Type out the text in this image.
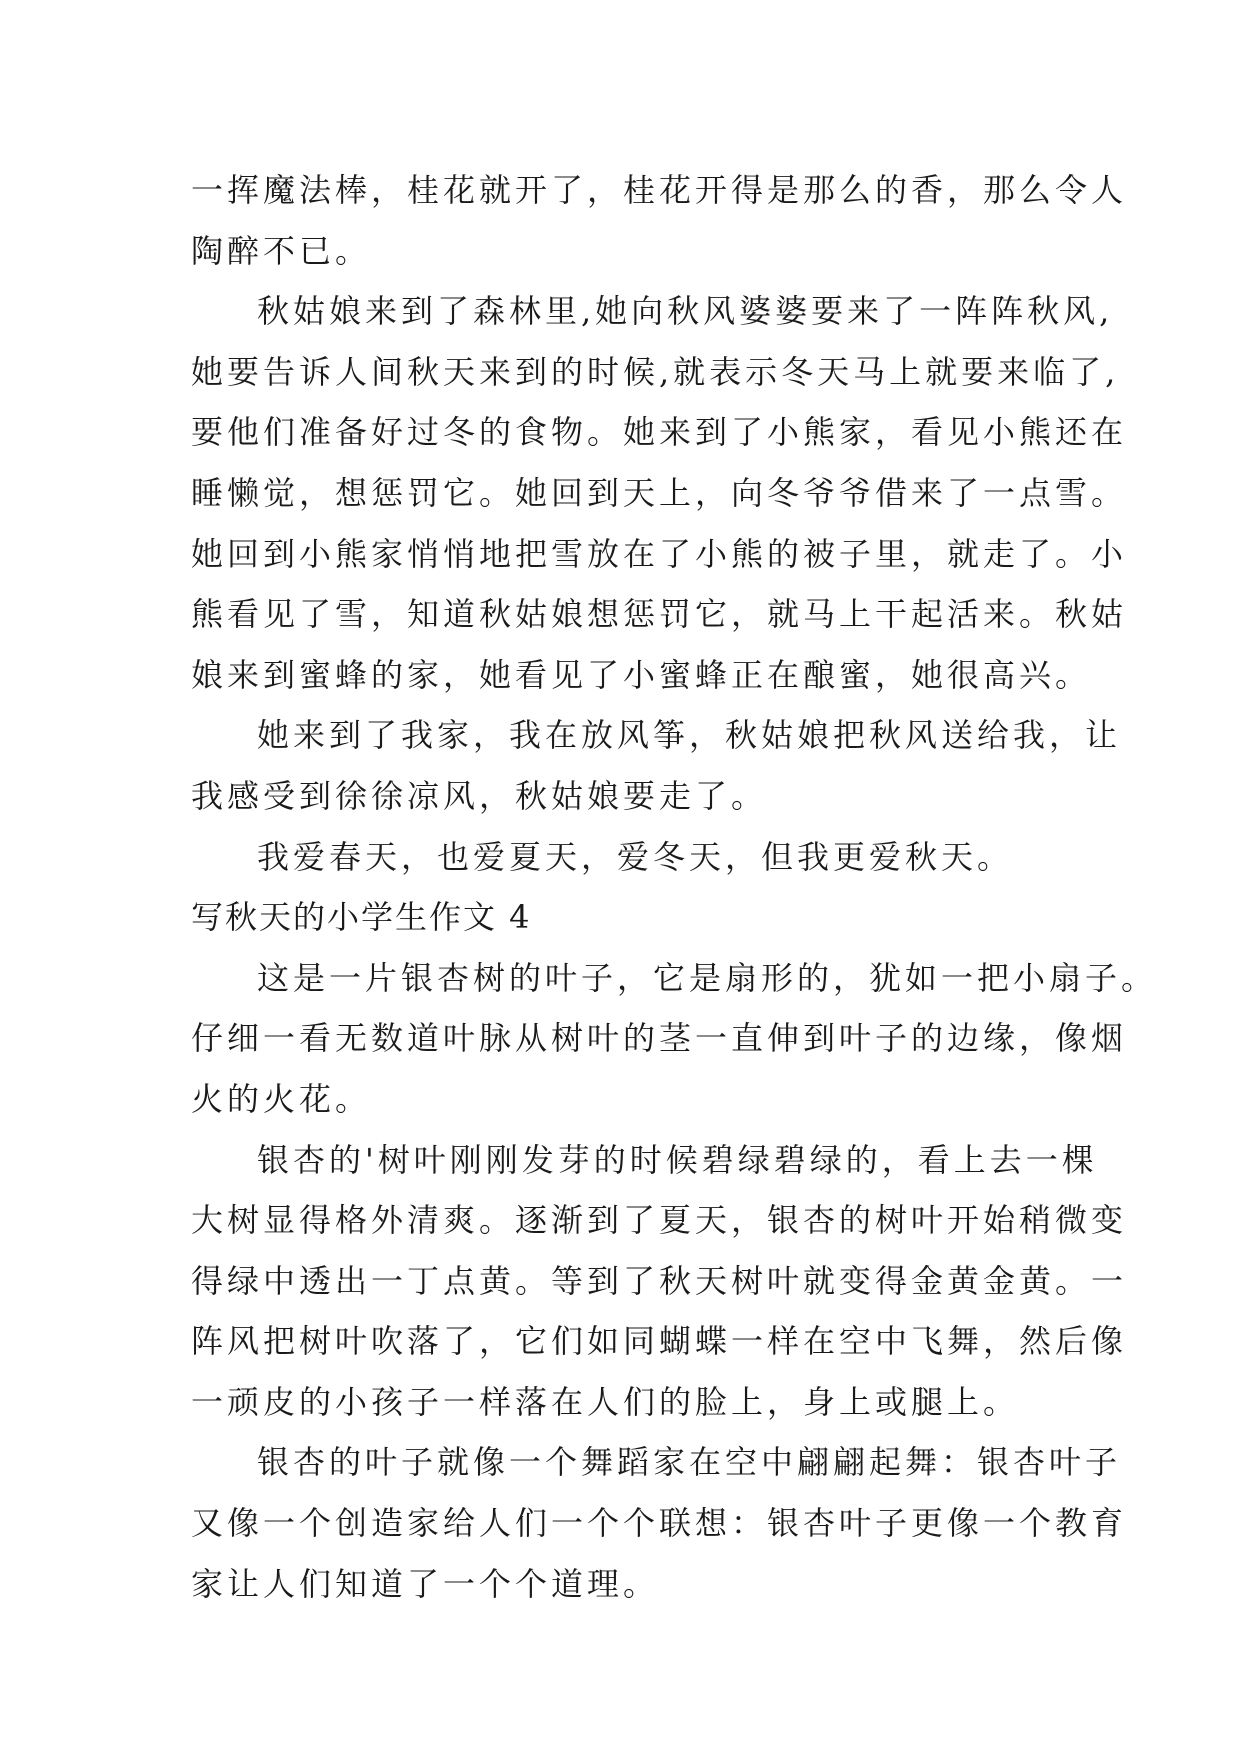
一挥魔法棒，桂花就开了，桂花开得是那么的香，那么令人
陶醉不已。
秋姑娘来到了森林里,她向秋风婆婆要来了一阵阵秋风,
她要告诉人间秋天来到的时候,就表示冬天马上就要来临了,
要他们准备好过冬的食物。她来到了小熊家，看见小熊还在
睡懒觉，想惩罚它。她回到天上，向冬爷爷借来了一点雪。
她回到小熊家悄悄地把雪放在了小熊的被子里，就走了。小
熊看见了雪，知道秋姑娘想惩罚它，就马上干起活来。秋姑
娘来到蜜蜂的家，她看见了小蜜蜂正在酿蜜，她很高兴。
她来到了我家，我在放风筝，秋姑娘把秋风送给我，让
我感受到徐徐凉风，秋姑娘要走了。
我爱春天，也爱夏天，爱冬天，但我更爱秋天。
写秋天的小学生作文 4
这是一片银杏树的叶子，它是扇形的，犹如一把小扇子。
仔细一看无数道叶脉从树叶的茎一直伸到叶子的边缘，像烟
火的火花。
银杏的'树叶刚刚发芽的时候碧绿碧绿的，看上去一棵
大树显得格外清爽。逐渐到了夏天，银杏的树叶开始稍微变
得绿中透出一丁点黄。等到了秋天树叶就变得金黄金黄。一
阵风把树叶吹落了，它们如同蝴蝶一样在空中飞舞，然后像
一顽皮的小孩子一样落在人们的脸上，身上或腿上。
银杏的叶子就像一个舞蹈家在空中翩翩起舞：银杏叶子
又像一个创造家给人们一个个联想：银杏叶子更像一个教育
家让人们知道了一个个道理。
